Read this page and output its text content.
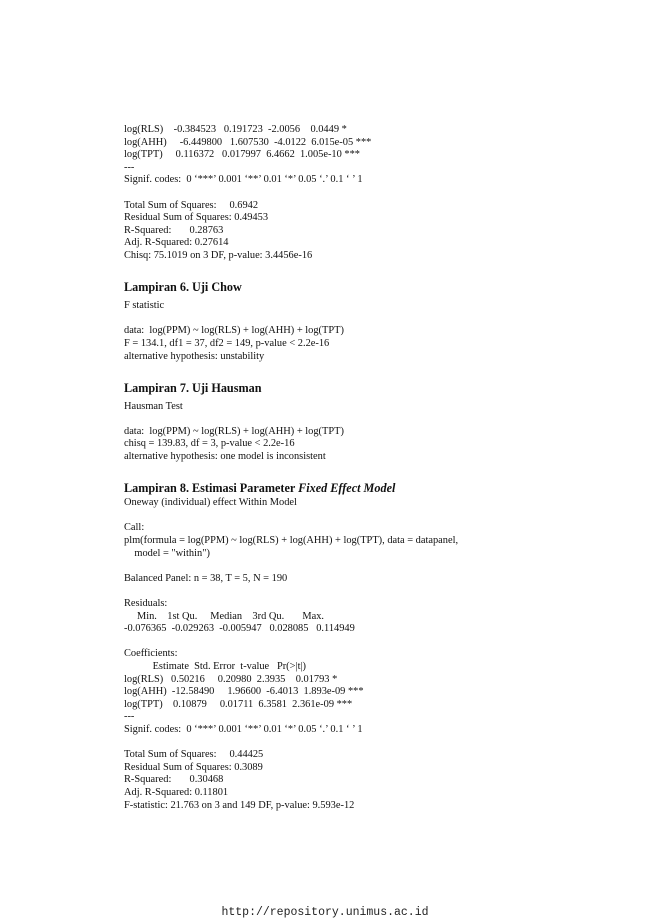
log(RLS)    -0.384523   0.191723  -2.0056    0.0449 *
log(AHH)     -6.449800   1.607530  -4.0122  6.015e-05 ***
log(TPT)     0.116372   0.017997  6.4662  1.005e-10 ***
---
Signif. codes:  0 ‘***’ 0.001 ‘**’ 0.01 ‘*’ 0.05 ‘.’ 0.1 ‘ ’ 1
Total Sum of Squares:     0.6942
Residual Sum of Squares: 0.49453
R-Squared:       0.28763
Adj. R-Squared: 0.27614
Chisq: 75.1019 on 3 DF, p-value: 3.4456e-16
Lampiran 6. Uji Chow
F statistic
data:  log(PPM) ~ log(RLS) + log(AHH) + log(TPT)
F = 134.1, df1 = 37, df2 = 149, p-value < 2.2e-16
alternative hypothesis: unstability
Lampiran 7. Uji Hausman
Hausman Test
data:  log(PPM) ~ log(RLS) + log(AHH) + log(TPT)
chisq = 139.83, df = 3, p-value < 2.2e-16
alternative hypothesis: one model is inconsistent
Lampiran 8. Estimasi Parameter Fixed Effect Model
Oneway (individual) effect Within Model
Call:
plm(formula = log(PPM) ~ log(RLS) + log(AHH) + log(TPT), data = datapanel,
model = "within")
Balanced Panel: n = 38, T = 5, N = 190
Residuals:
Min.    1st Qu.     Median    3rd Qu.       Max.
-0.076365  -0.029263  -0.005947   0.028085   0.114949
Coefficients:
Estimate  Std. Error  t-value   Pr(>|t|)
log(RLS)   0.50216     0.20980  2.3935    0.01793 *
log(AHH)  -12.58490     1.96600  -6.4013  1.893e-09 ***
log(TPT)    0.10879     0.01711  6.3581  2.361e-09 ***
---
Signif. codes:  0 ‘***’ 0.001 ‘**’ 0.01 ‘*’ 0.05 ‘.’ 0.1 ‘ ’ 1
Total Sum of Squares:     0.44425
Residual Sum of Squares: 0.3089
R-Squared:       0.30468
Adj. R-Squared: 0.11801
F-statistic: 21.763 on 3 and 149 DF, p-value: 9.593e-12
http://repository.unimus.ac.id
